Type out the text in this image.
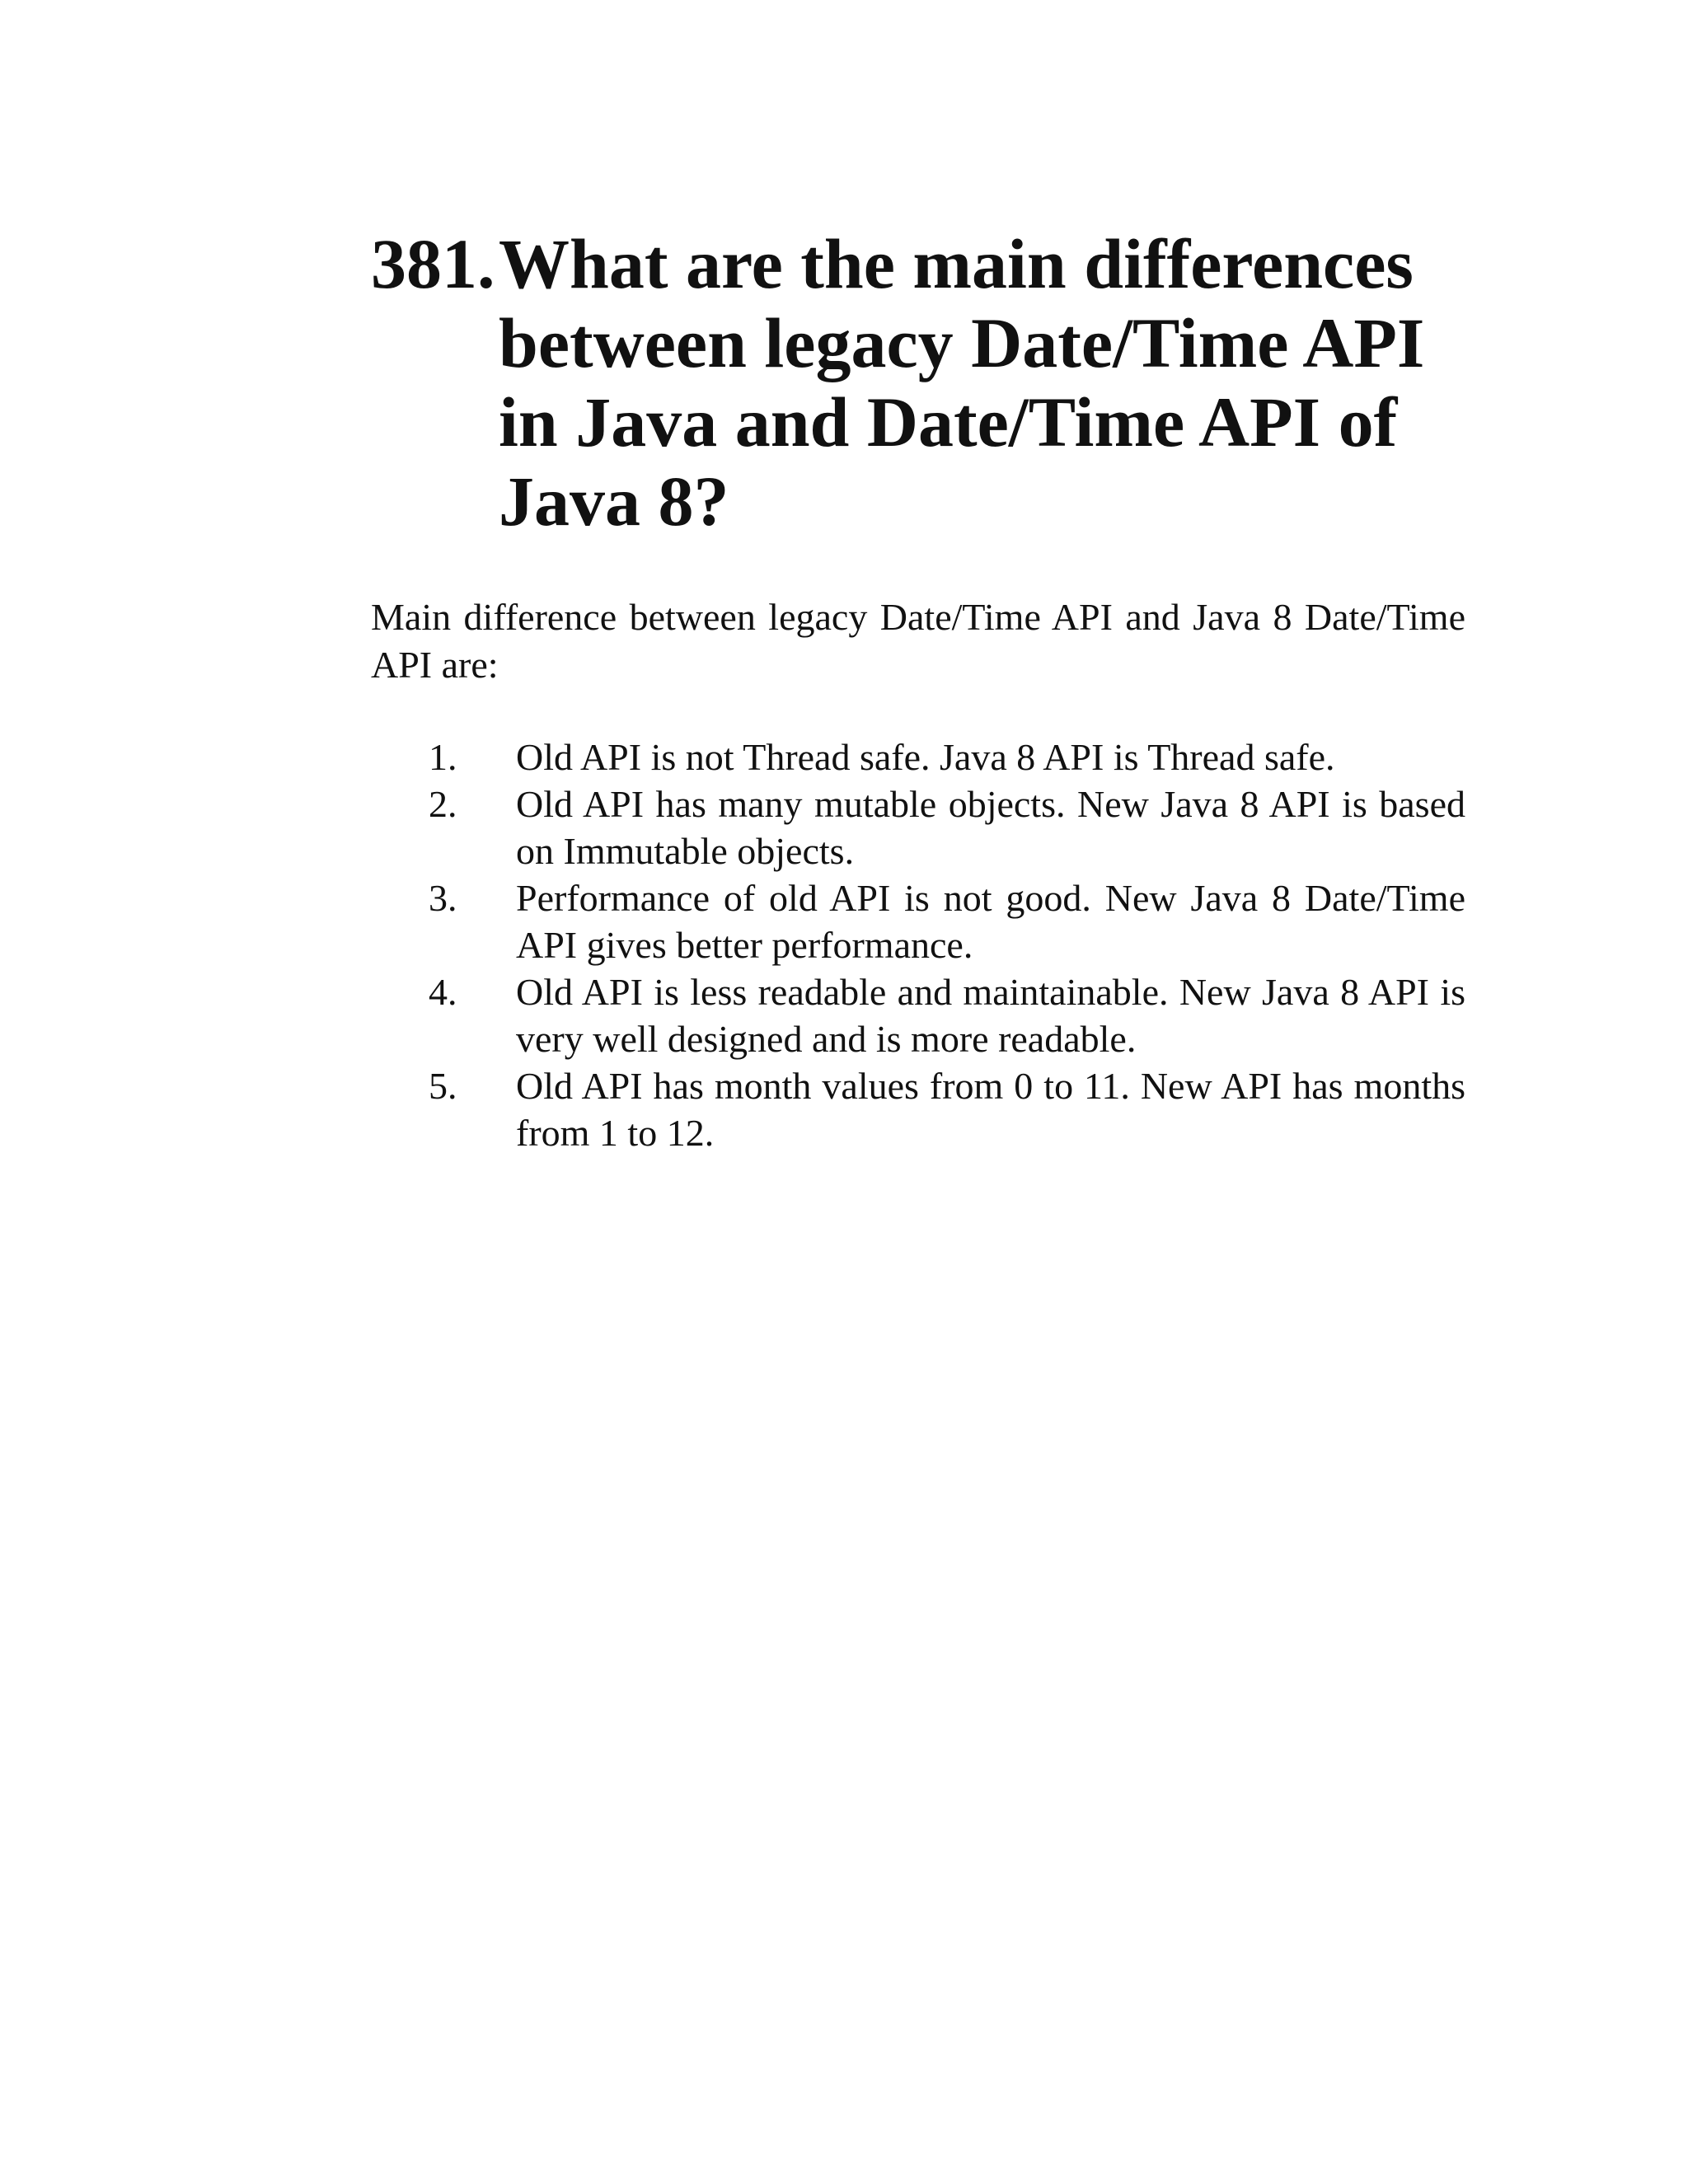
381. What are the main differences between legacy Date/Time API in Java and Date/Time API of Java 8?

Main difference between legacy Date/Time API and Java 8 Date/Time API are:

1.	Old API is not Thread safe. Java 8 API is Thread safe.
2.	Old API has many mutable objects. New Java 8 API is based on Immutable objects.
3.	Performance of old API is not good. New Java 8 Date/Time API gives better performance.
4.	Old API is less readable and maintainable. New Java 8 API is very well designed and is more readable.
5.	Old API has month values from 0 to 11. New API has months from 1 to 12.
